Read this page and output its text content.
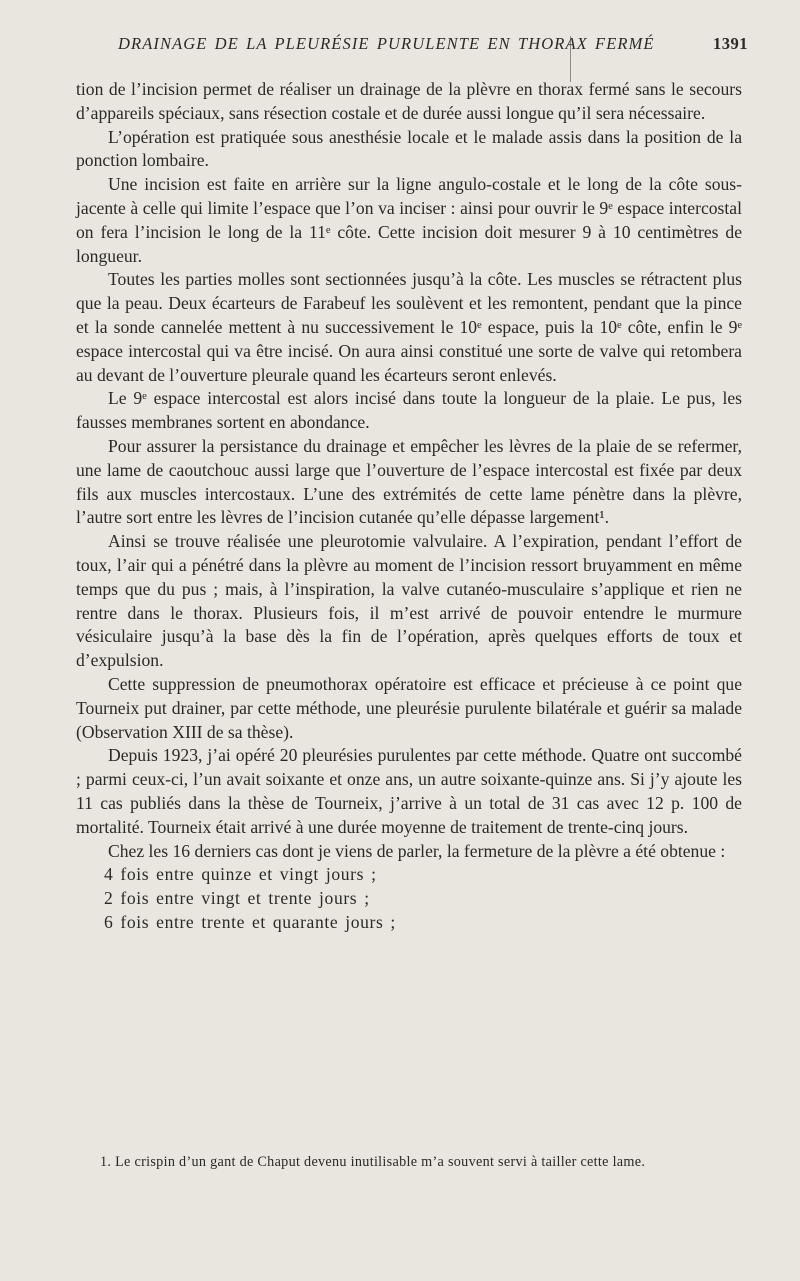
DRAINAGE DE LA PLEURÉSIE PURULENTE EN THORAX FERMÉ	1391

tion de l’incision permet de réaliser un drainage de la plèvre en thorax fermé sans le secours d’appareils spéciaux, sans résection costale et de durée aussi longue qu’il sera nécessaire.

L’opération est pratiquée sous anesthésie locale et le malade assis dans la position de la ponction lombaire.

Une incision est faite en arrière sur la ligne angulo-costale et le long de la côte sous-jacente à celle qui limite l’espace que l’on va inciser : ainsi pour ouvrir le 9ᵉ espace intercostal on fera l’incision le long de la 11ᵉ côte. Cette incision doit mesurer 9 à 10 centimètres de longueur.

Toutes les parties molles sont sectionnées jusqu’à la côte. Les muscles se rétractent plus que la peau. Deux écarteurs de Farabeuf les soulèvent et les remontent, pendant que la pince et la sonde cannelée mettent à nu successivement le 10ᵉ espace, puis la 10ᵉ côte, enfin le 9ᵉ espace intercostal qui va être incisé. On aura ainsi constitué une sorte de valve qui retombera au devant de l’ouverture pleurale quand les écarteurs seront enlevés.

Le 9ᵉ espace intercostal est alors incisé dans toute la longueur de la plaie. Le pus, les fausses membranes sortent en abondance.

Pour assurer la persistance du drainage et empêcher les lèvres de la plaie de se refermer, une lame de caoutchouc aussi large que l’ouverture de l’espace intercostal est fixée par deux fils aux muscles intercostaux. L’une des extrémités de cette lame pénètre dans la plèvre, l’autre sort entre les lèvres de l’incision cutanée qu’elle dépasse largement¹.

Ainsi se trouve réalisée une pleurotomie valvulaire. A l’expiration, pendant l’effort de toux, l’air qui a pénétré dans la plèvre au moment de l’incision ressort bruyamment en même temps que du pus ; mais, à l’inspiration, la valve cutanéo-musculaire s’applique et rien ne rentre dans le thorax. Plusieurs fois, il m’est arrivé de pouvoir entendre le murmure vésiculaire jusqu’à la base dès la fin de l’opération, après quelques efforts de toux et d’expulsion.

Cette suppression de pneumothorax opératoire est efficace et précieuse à ce point que Tourneix put drainer, par cette méthode, une pleurésie purulente bilatérale et guérir sa malade (Observation XIII de sa thèse).

Depuis 1923, j’ai opéré 20 pleurésies purulentes par cette méthode. Quatre ont succombé ; parmi ceux-ci, l’un avait soixante et onze ans, un autre soixante-quinze ans. Si j’y ajoute les 11 cas publiés dans la thèse de Tourneix, j’arrive à un total de 31 cas avec 12 p. 100 de mortalité. Tourneix était arrivé à une durée moyenne de traitement de trente-cinq jours.

Chez les 16 derniers cas dont je viens de parler, la fermeture de la plèvre a été obtenue :

4 fois entre quinze et vingt jours ;
2 fois entre vingt et trente jours ;
6 fois entre trente et quarante jours ;

1. Le crispin d’un gant de Chaput devenu inutilisable m’a souvent servi à tailler cette lame.
